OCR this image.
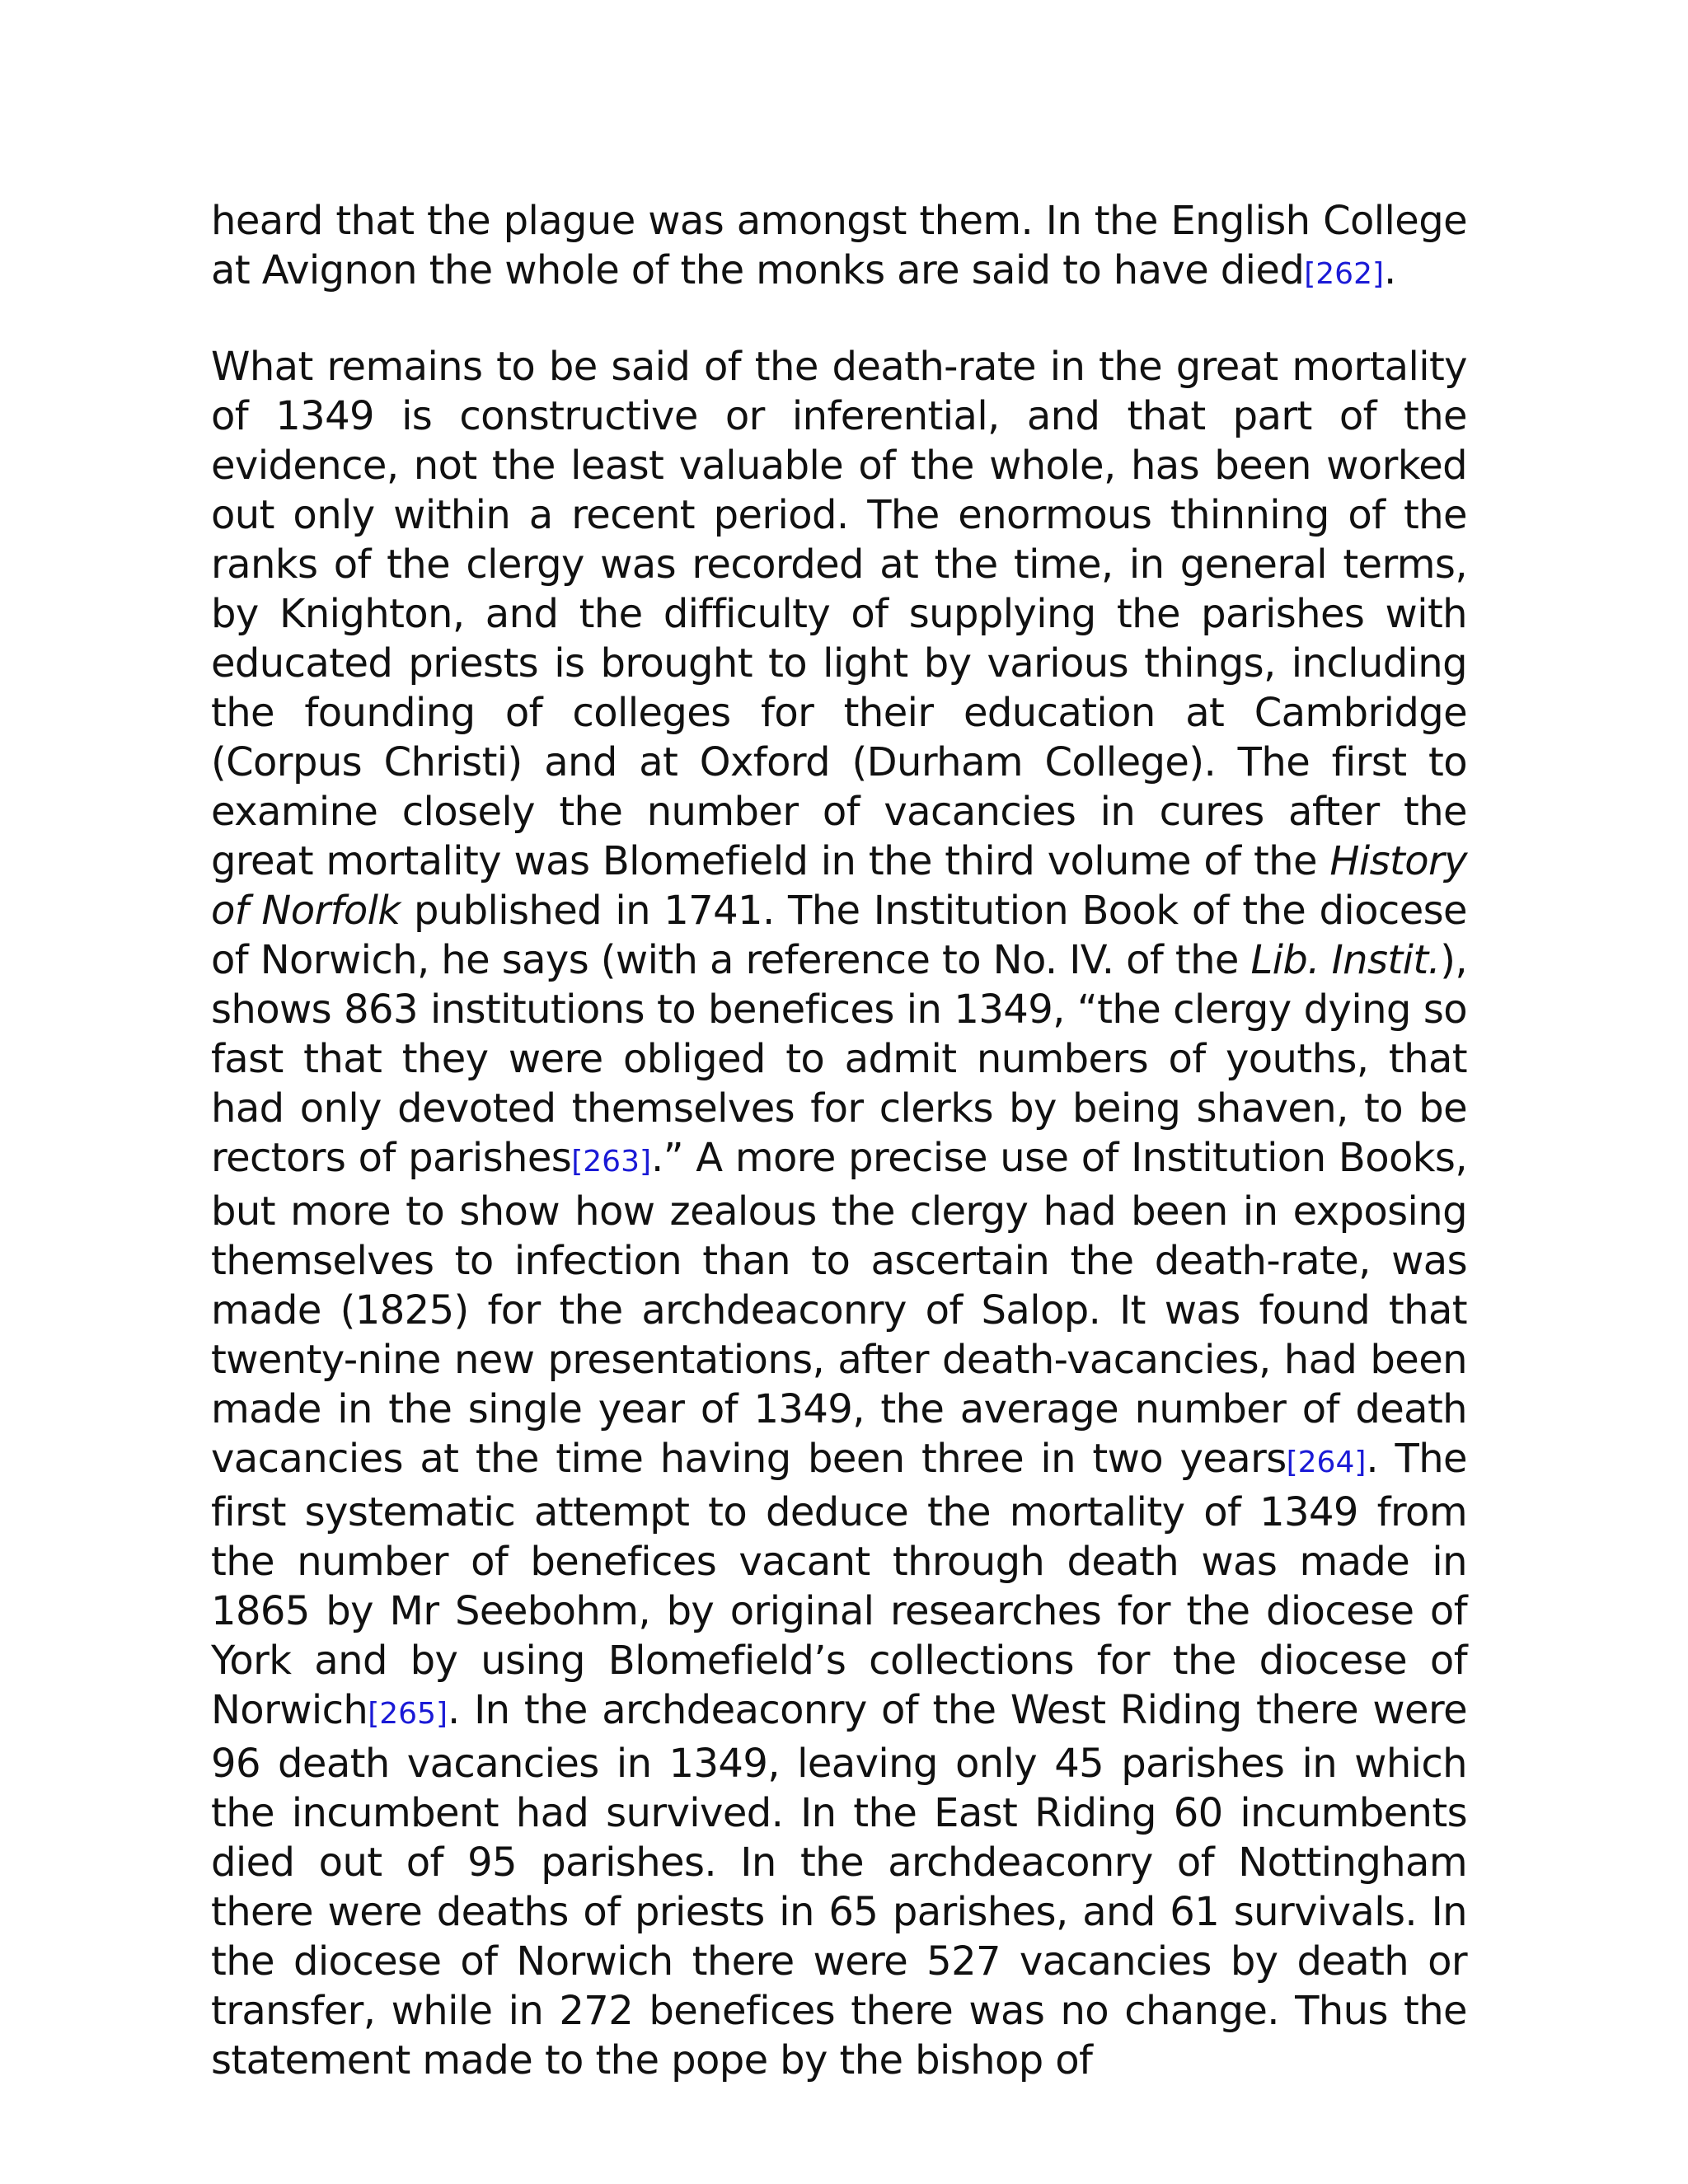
heard that the plague was amongst them. In the English College at Avignon the whole of the monks are said to have died[262].

What remains to be said of the death-rate in the great mortality of 1349 is constructive or inferential, and that part of the evidence, not the least valuable of the whole, has been worked out only within a recent period. The enormous thinning of the ranks of the clergy was recorded at the time, in general terms, by Knighton, and the difficulty of supplying the parishes with educated priests is brought to light by various things, including the founding of colleges for their education at Cambridge (Corpus Christi) and at Oxford (Durham College). The first to examine closely the number of vacancies in cures after the great mortality was Blomefield in the third volume of the History of Norfolk published in 1741. The Institution Book of the diocese of Norwich, he says (with a reference to No. IV. of the Lib. Instit.), shows 863 institutions to benefices in 1349, “the clergy dying so fast that they were obliged to admit numbers of youths, that had only devoted themselves for clerks by being shaven, to be rectors of parishes[263].” A more precise use of Institution Books, but more to show how zealous the clergy had been in exposing themselves to infection than to ascertain the death-rate, was made (1825) for the archdeaconry of Salop. It was found that twenty-nine new presentations, after death-vacancies, had been made in the single year of 1349, the average number of death vacancies at the time having been three in two years[264]. The first systematic attempt to deduce the mortality of 1349 from the number of benefices vacant through death was made in 1865 by Mr Seebohm, by original researches for the diocese of York and by using Blomefield’s collections for the diocese of Norwich[265]. In the archdeaconry of the West Riding there were 96 death vacancies in 1349, leaving only 45 parishes in which the incumbent had survived. In the East Riding 60 incumbents died out of 95 parishes. In the archdeaconry of Nottingham there were deaths of priests in 65 parishes, and 61 survivals. In the diocese of Norwich there were 527 vacancies by death or transfer, while in 272 benefices there was no change. Thus the statement made to the pope by the bishop of
